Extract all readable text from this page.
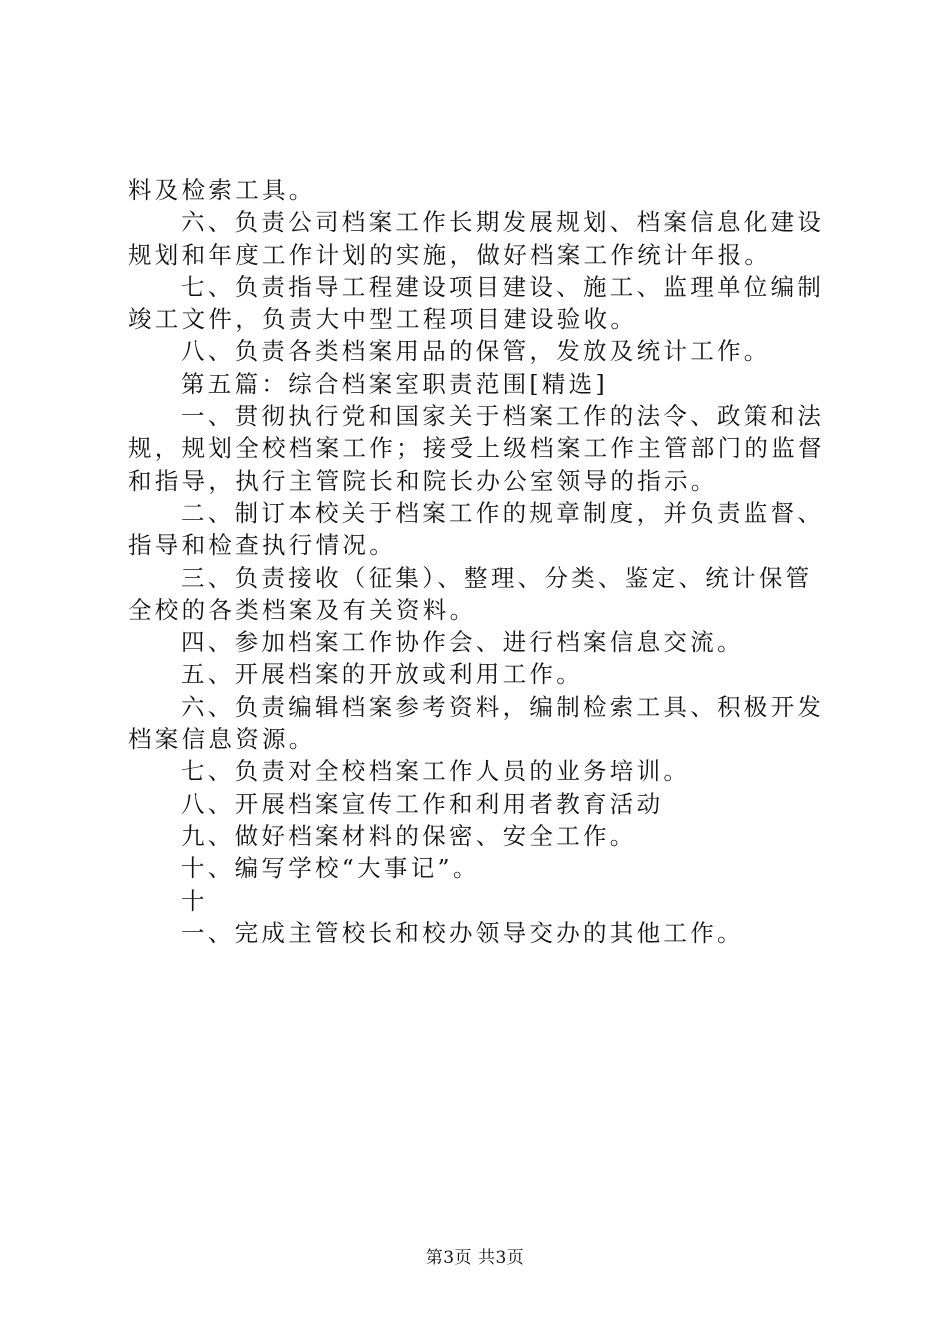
料及检索工具。

六、负责公司档案工作长期发展规划、档案信息化建设规划和年度工作计划的实施，做好档案工作统计年报。

七、负责指导工程建设项目建设、施工、监理单位编制竣工文件，负责大中型工程项目建设验收。

八、负责各类档案用品的保管，发放及统计工作。

第五篇：综合档案室职责范围[精选]

一、贯彻执行党和国家关于档案工作的法令、政策和法规，规划全校档案工作；接受上级档案工作主管部门的监督和指导，执行主管院长和院长办公室领导的指示。

二、制订本校关于档案工作的规章制度，并负责监督、指导和检查执行情况。

三、负责接收（征集）、整理、分类、鉴定、统计保管全校的各类档案及有关资料。

四、参加档案工作协作会、进行档案信息交流。

五、开展档案的开放或利用工作。

六、负责编辑档案参考资料，编制检索工具、积极开发档案信息资源。

七、负责对全校档案工作人员的业务培训。

八、开展档案宣传工作和利用者教育活动

九、做好档案材料的保密、安全工作。

十、编写学校“大事记”。

十

一、完成主管校长和校办领导交办的其他工作。

第3页 共3页
